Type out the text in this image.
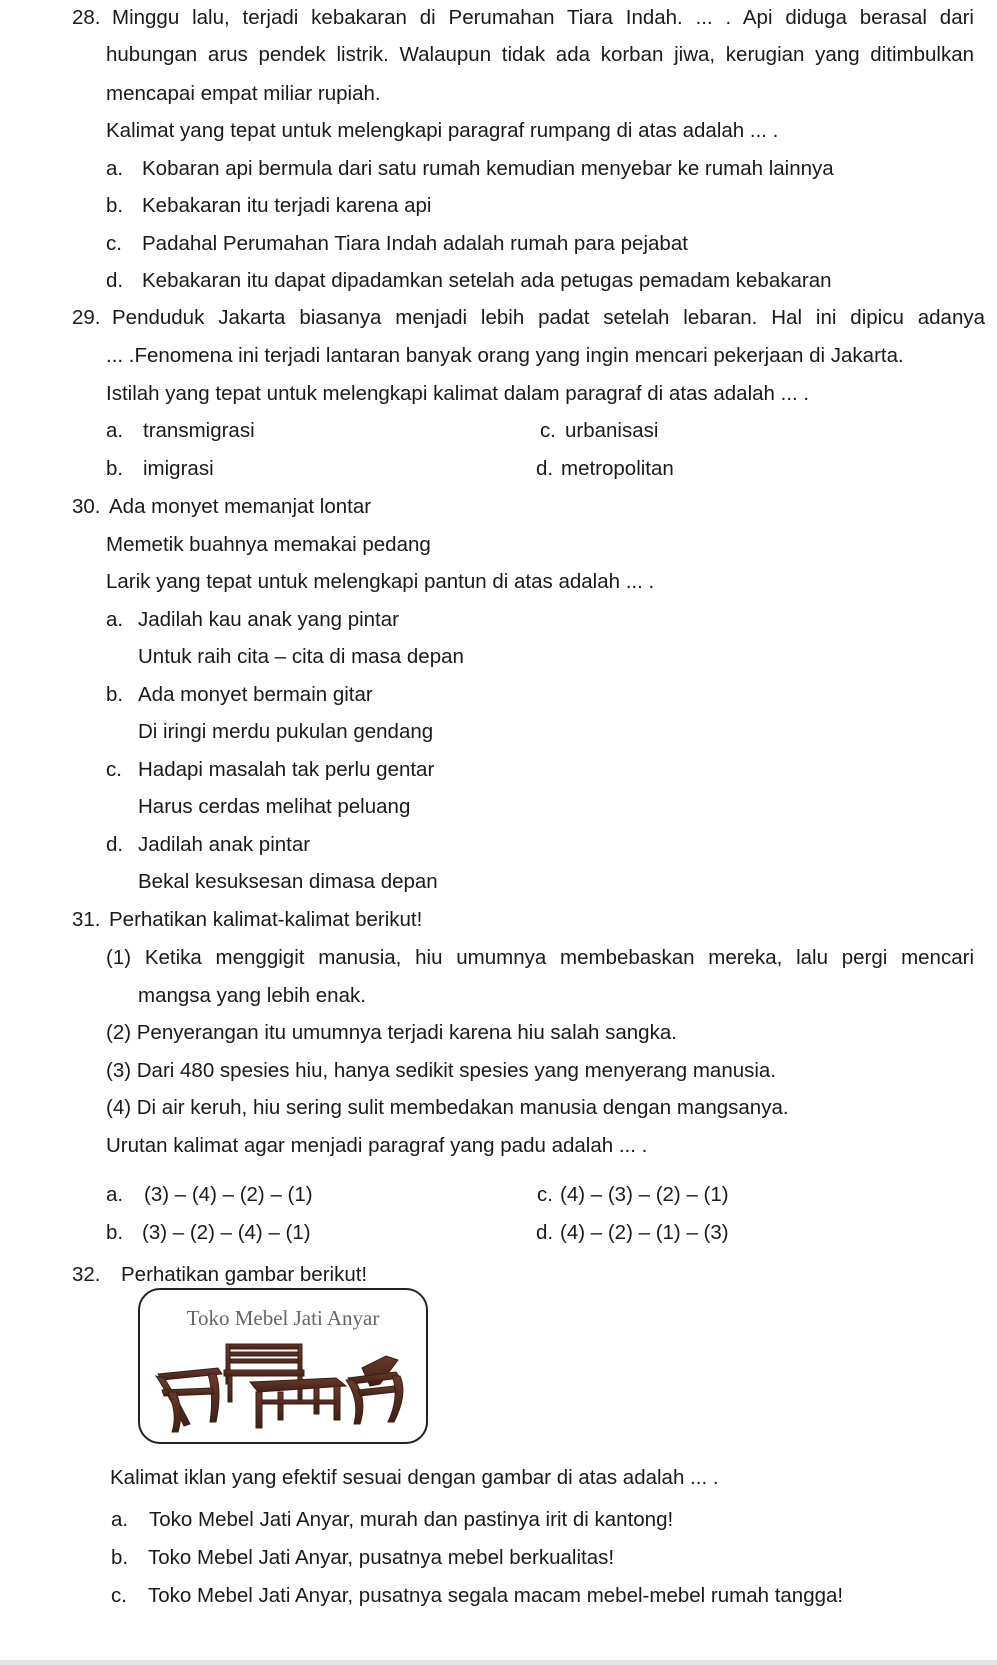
28. Minggu lalu, terjadi kebakaran di Perumahan Tiara Indah. ... . Api diduga berasal dari
hubungan arus pendek listrik. Walaupun tidak ada korban jiwa, kerugian yang ditimbulkan
mencapai empat miliar rupiah.
Kalimat yang tepat untuk melengkapi paragraf rumpang di atas adalah ... .
a. Kobaran api bermula dari satu rumah kemudian menyebar ke rumah lainnya
b. Kebakaran itu terjadi karena api
c. Padahal Perumahan Tiara Indah adalah rumah para pejabat
d. Kebakaran itu dapat dipadamkan setelah ada petugas pemadam kebakaran
29. Penduduk Jakarta biasanya menjadi lebih padat setelah lebaran. Hal ini dipicu adanya
... .Fenomena ini terjadi lantaran banyak orang yang ingin mencari pekerjaan di Jakarta.
Istilah yang tepat untuk melengkapi kalimat dalam paragraf di atas adalah ... .
a. transmigrasi	c. urbanisasi
b. imigrasi	d. metropolitan
30. Ada monyet memanjat lontar
Memetik buahnya memakai pedang
Larik yang tepat untuk melengkapi pantun di atas adalah ... .
a. Jadilah kau anak yang pintar
Untuk raih cita – cita di masa depan
b. Ada monyet bermain gitar
Di iringi merdu pukulan gendang
c. Hadapi masalah tak perlu gentar
Harus cerdas melihat peluang
d. Jadilah anak pintar
Bekal kesuksesan dimasa depan
31. Perhatikan kalimat-kalimat berikut!
(1) Ketika menggigit manusia, hiu umumnya membebaskan mereka, lalu pergi mencari
mangsa yang lebih enak.
(2) Penyerangan itu umumnya terjadi karena hiu salah sangka.
(3) Dari 480 spesies hiu, hanya sedikit spesies yang menyerang manusia.
(4) Di air keruh, hiu sering sulit membedakan manusia dengan mangsanya.
Urutan kalimat agar menjadi paragraf yang padu adalah ... .
a. (3) – (4) – (2) – (1)	c. (4) – (3) – (2) – (1)
b. (3) – (2) – (4) – (1)	d. (4) – (2) – (1) – (3)
32. Perhatikan gambar berikut!
Toko Mebel Jati Anyar
Kalimat iklan yang efektif sesuai dengan gambar di atas adalah ... .
a. Toko Mebel Jati Anyar, murah dan pastinya irit di kantong!
b. Toko Mebel Jati Anyar, pusatnya mebel berkualitas!
c. Toko Mebel Jati Anyar, pusatnya segala macam mebel-mebel rumah tangga!
